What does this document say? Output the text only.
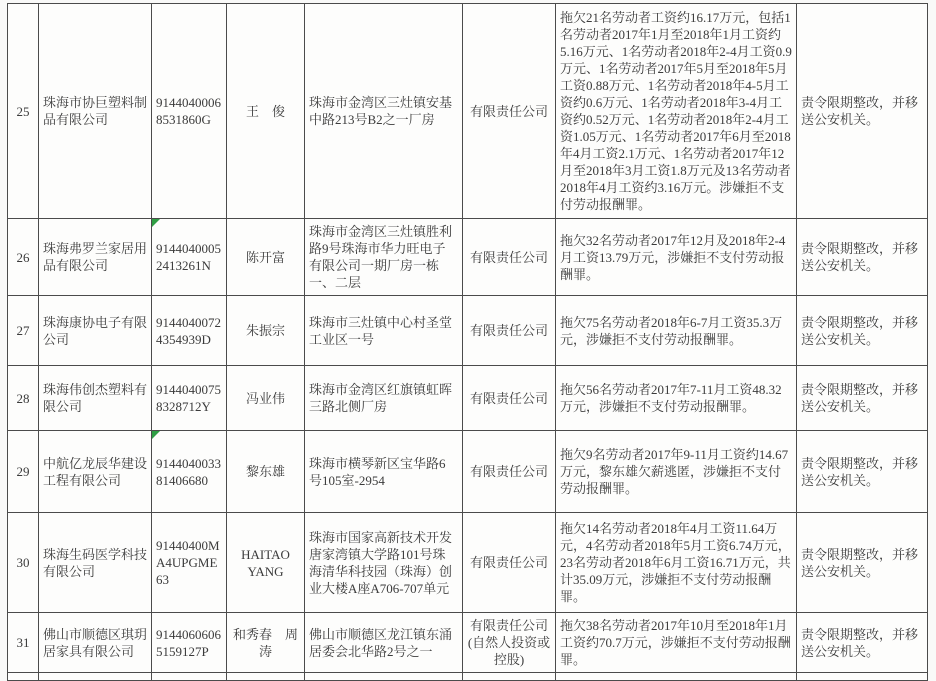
25	珠海市协巨塑料制品有限公司	91440400068531860G	王　俊	珠海市金湾区三灶镇安基中路213号B2之一厂房	有限责任公司	拖欠21名劳动者工资约16.17万元，包括1名劳动者2017年1月至2018年1月工资约5.16万元、1名劳动者2018年2-4月工资0.9万元、1名劳动者2017年5月至2018年5月工资0.88万元、1名劳动者2018年4-5月工资约0.6万元、1名劳动者2018年3-4月工资约0.52万元、1名劳动者2018年2-4月工资1.05万元、1名劳动者2017年6月至2018年4月工资2.1万元、1名劳动者2017年12月至2018年3月工资1.8万元及13名劳动者2018年4月工资约3.16万元。涉嫌拒不支付劳动报酬罪。	责令限期整改，并移送公安机关。
26	珠海弗罗兰家居用品有限公司	91440400052413261N	陈开富	珠海市金湾区三灶镇胜利路9号珠海市华力旺电子有限公司一期厂房一栋一、二层	有限责任公司	拖欠32名劳动者2017年12月及2018年2-4月工资13.79万元，涉嫌拒不支付劳动报酬罪。	责令限期整改，并移送公安机关。
27	珠海康协电子有限公司	91440400724354939D	朱振宗	珠海市三灶镇中心村圣堂工业区一号	有限责任公司	拖欠75名劳动者2018年6-7月工资35.3万元，涉嫌拒不支付劳动报酬罪。	责令限期整改，并移送公安机关。
28	珠海伟创杰塑料有限公司	91440400758328712Y	冯业伟	珠海市金湾区红旗镇虹晖三路北侧厂房	有限责任公司	拖欠56名劳动者2017年7-11月工资48.32万元，涉嫌拒不支付劳动报酬罪。	责令限期整改，并移送公安机关。
29	中航亿龙辰华建设工程有限公司	914404003381406680	黎东雄	珠海市横琴新区宝华路6号105室-2954	有限责任公司	拖欠9名劳动者2017年9-11月工资约14.67万元，黎东雄欠薪逃匿，涉嫌拒不支付劳动报酬罪。	责令限期整改，并移送公安机关。
30	珠海生码医学科技有限公司	91440400MA4UPGME63	HAITAO YANG	珠海市国家高新技术开发唐家湾镇大学路101号珠海清华科技园（珠海）创业大楼A座A706-707单元	有限责任公司	拖欠14名劳动者2018年4月工资11.64万元，4名劳动者2018年5月工资6.74万元，23名劳动者2018年6月工资16.71万元，共计35.09万元，涉嫌拒不支付劳动报酬罪。	责令限期整改，并移送公安机关。
31	佛山市顺德区琪玥居家具有限公司	91440606065159127P	和秀春　周涛	佛山市顺德区龙江镇东涌居委会北华路2号之一	有限责任公司(自然人投资或控股)	拖欠38名劳动者2017年10月至2018年1月工资约70.7万元，涉嫌拒不支付劳动报酬罪。	责令限期整改，并移送公安机关。
